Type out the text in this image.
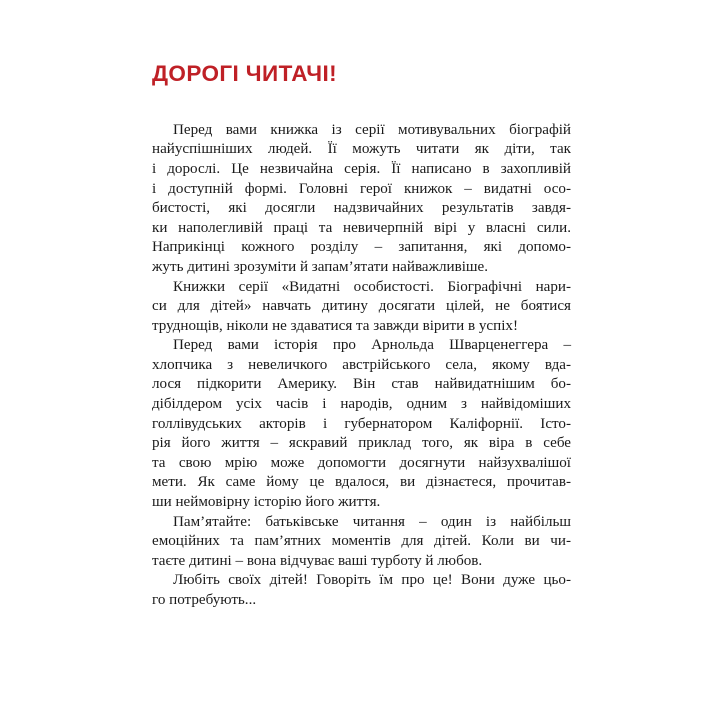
ДОРОГІ ЧИТАЧІ!

Перед вами книжка із серії мотивувальних біографій
найуспішніших людей. Її можуть читати як діти, так
і дорослі. Це незвичайна серія. Її написано в захопливій
і доступній формі. Головні герої книжок – видатні осо-
бистості, які досягли надзвичайних результатів завдя-
ки наполегливій праці та невичерпній вірі у власні сили.
Наприкінці кожного розділу – запитання, які допомо-
жуть дитині зрозуміти й запам’ятати найважливіше.

Книжки серії «Видатні особистості. Біографічні нари-
си для дітей» навчать дитину досягати цілей, не боятися
труднощів, ніколи не здаватися та завжди вірити в успіх!

Перед вами історія про Арнольда Шварценеггера –
хлопчика з невеличкого австрійського села, якому вда-
лося підкорити Америку. Він став найвидатнішим бо-
дібілдером усіх часів і народів, одним з найвідоміших
голлівудських акторів і губернатором Каліфорнії. Істо-
рія його життя – яскравий приклад того, як віра в себе
та свою мрію може допомогти досягнути найзухвалішої
мети. Як саме йому це вдалося, ви дізнаєтеся, прочитав-
ши неймовірну історію його життя.

Пам’ятайте: батьківське читання – один із найбільш
емоційних та пам’ятних моментів для дітей. Коли ви чи-
таєте дитині – вона відчуває ваші турботу й любов.

Любіть своїх дітей! Говоріть їм про це! Вони дуже цьо-
го потребують...
